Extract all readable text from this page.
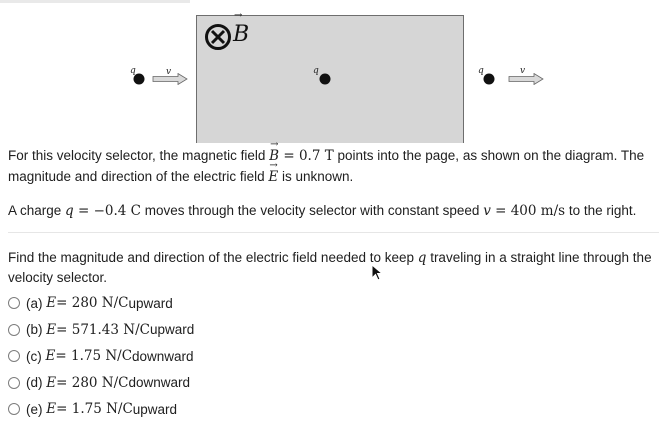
→ B
q	v	q	q	v
For this velocity selector, the magnetic field → B = 0.7 T points into the page, as shown on the diagram. The
magnitude and direction of the electric field → E is unknown.
A charge q = −0.4 C moves through the velocity selector with constant speed v = 400 m/s to the right.
Find the magnitude and direction of the electric field needed to keep q traveling in a straight line through the
velocity selector.
(a)
E = 280 N/C upward
(b)
E = 571.43 N/C upward
(c)
E = 1.75 N/C downward
(d)
E = 280 N/C downward
(e)
E = 1.75 N/C upward
